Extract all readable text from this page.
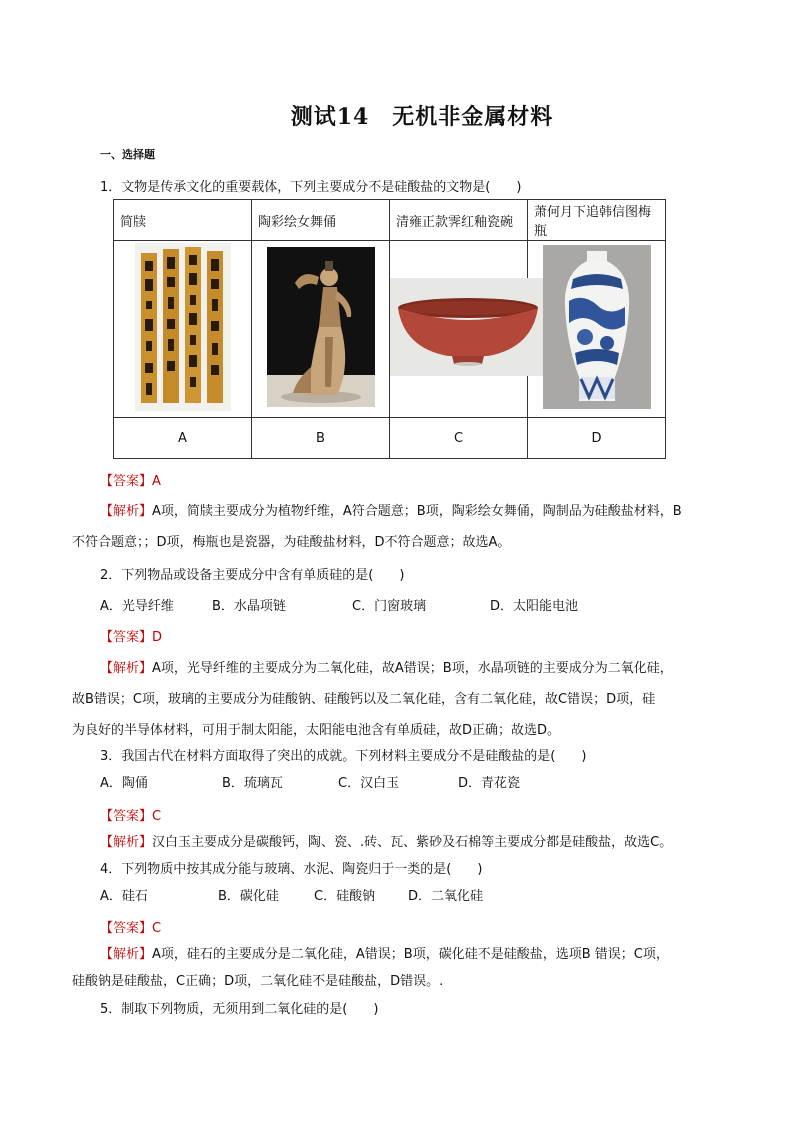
测试14　无机非金属材料
一、选择题
1．文物是传承文化的重要载体，下列主要成分不是硅酸盐的文物是(　　)
简牍	陶彩绘女舞俑	清雍正款霁红釉瓷碗	萧何月下追韩信图梅瓶

A	B	C	D
【答案】A
【解析】A项，简牍主要成分为植物纤维，A符合题意；B项，陶彩绘女舞俑，陶制品为硅酸盐材料，B
不符合题意；；D项，梅瓶也是瓷器，为硅酸盐材料，D不符合题意；故选A。
2．下列物品或设备主要成分中含有单质硅的是(　　)
A．光导纤维	B．水晶项链	C．门窗玻璃	D．太阳能电池
【答案】D
【解析】A项，光导纤维的主要成分为二氧化硅，故A错误；B项，水晶项链的主要成分为二氧化硅，
故B错误；C项，玻璃的主要成分为硅酸钠、硅酸钙以及二氧化硅，含有二氧化硅，故C错误；D项，硅
为良好的半导体材料，可用于制太阳能，太阳能电池含有单质硅，故D正确；故选D。
3．我国古代在材料方面取得了突出的成就。下列材料主要成分不是硅酸盐的是(　　)
A．陶俑	B．琉璃瓦	C．汉白玉	D．青花瓷
【答案】C
【解析】汉白玉主要成分是碳酸钙，陶、瓷、.砖、瓦、紫砂及石棉等主要成分都是硅酸盐，故选C。
4．下列物质中按其成分能与玻璃、水泥、陶瓷归于一类的是(　　)
A．硅石	B．碳化硅	C．硅酸钠	D．二氧化硅
【答案】C
【解析】A项，硅石的主要成分是二氧化硅，A错误；B项，碳化硅不是硅酸盐，选项B 错误；C项，
硅酸钠是硅酸盐，C正确；D项，二氧化硅不是硅酸盐，D错误。.
5．制取下列物质，无须用到二氧化硅的是(　　)
